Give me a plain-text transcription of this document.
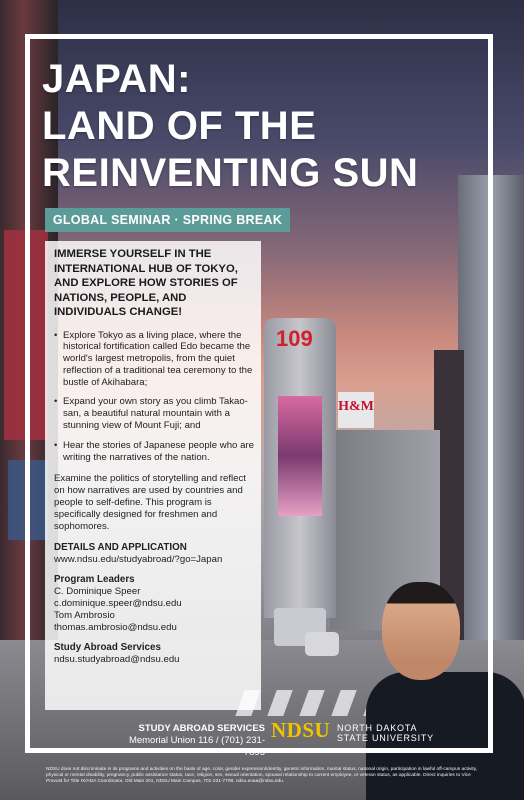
109
H&M
JAPAN:
LAND OF THE
REINVENTING SUN
GLOBAL SEMINAR · SPRING BREAK

IMMERSE YOURSELF IN THE INTERNATIONAL HUB OF TOKYO, AND EXPLORE HOW STORIES OF NATIONS, PEOPLE, AND INDIVIDUALS CHANGE!

• Explore Tokyo as a living place, where the historical fortification called Edo became the world's largest metropolis, from the quiet reflection of a traditional tea ceremony to the bustle of Akihabara;
• Expand your own story as you climb Takao-san, a beautiful natural mountain with a stunning view of Mount Fuji; and
• Hear the stories of Japanese people who are writing the narratives of the nation.

Examine the politics of storytelling and reflect on how narratives are used by countries and people to self-define. This program is specifically designed for freshmen and sophomores.

DETAILS AND APPLICATION

www.ndsu.edu/studyabroad/?go=Japan

Program Leaders

C. Dominique Speer

c.dominique.speer@ndsu.edu

Tom Ambrosio

thomas.ambrosio@ndsu.edu

Study Abroad Services

ndsu.studyabroad@ndsu.edu

STUDY ABROAD SERVICES
Memorial Union 116 / (701) 231-7895
NDSU NORTH DAKOTA
STATE UNIVERSITY
NDSU does not discriminate in its programs and activities on the basis of age, color, gender expression/identity, genetic information, marital status, national origin, participation in lawful off-campus activity, physical or mental disability, pregnancy, public assistance status, race, religion, sex, sexual orientation, spousal relationship to current employee, or veteran status, as applicable. Direct inquiries to Vice Provost for Title IX/ADA Coordinator, Old Main 201, NDSU Main Campus, 701-231-7708, ndsu.eoaa@ndsu.edu.
